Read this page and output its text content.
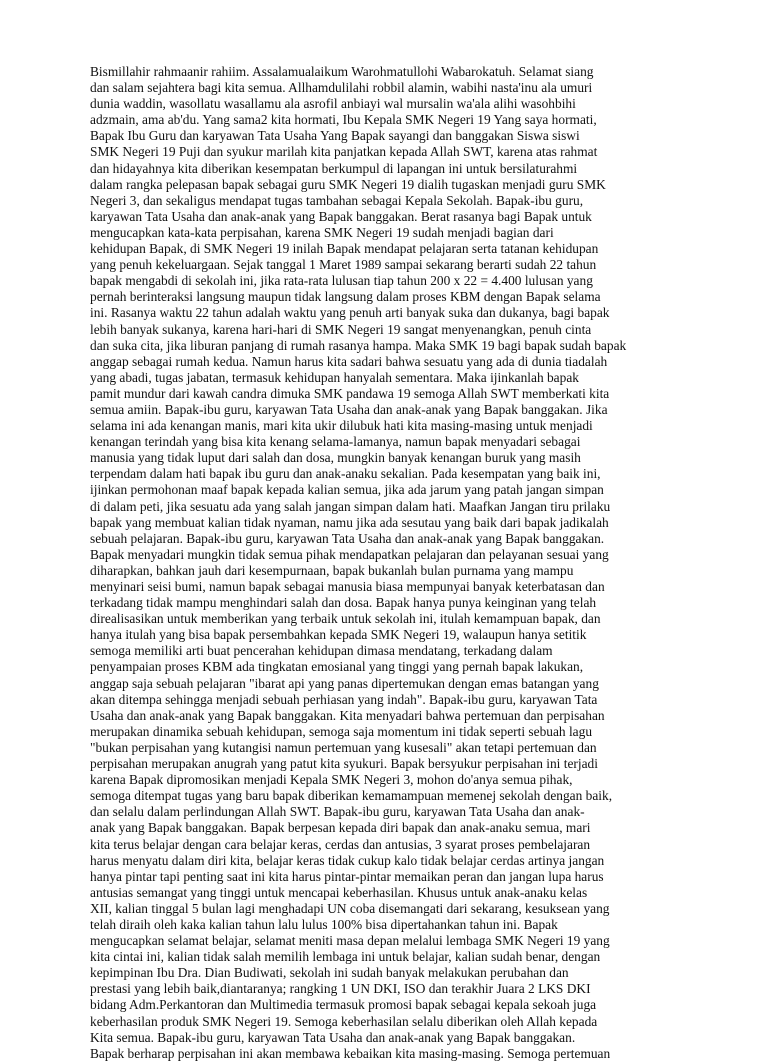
Bismillahir rahmaanir rahiim. Assalamualaikum Warohmatullohi Wabarokatuh. Selamat siang
dan salam sejahtera bagi kita semua. Allhamdulilahi robbil alamin, wabihi nasta'inu ala umuri
dunia waddin, wasollatu wasallamu ala asrofil anbiayi wal mursalin wa'ala alihi wasohbihi
adzmain, ama ab'du. Yang sama2 kita hormati, Ibu Kepala SMK Negeri 19 Yang saya hormati,
Bapak Ibu Guru dan karyawan Tata Usaha Yang Bapak sayangi dan banggakan Siswa siswi
SMK Negeri 19 Puji dan syukur marilah kita panjatkan kepada Allah SWT, karena atas rahmat
dan hidayahnya kita diberikan kesempatan berkumpul di lapangan ini untuk bersilaturahmi
dalam rangka pelepasan bapak sebagai guru SMK Negeri 19 dialih tugaskan menjadi guru SMK
Negeri 3, dan sekaligus mendapat tugas tambahan sebagai Kepala Sekolah. Bapak-ibu guru,
karyawan Tata Usaha dan anak-anak yang Bapak banggakan. Berat rasanya bagi Bapak untuk
mengucapkan kata-kata perpisahan, karena SMK Negeri 19 sudah menjadi bagian dari
kehidupan Bapak, di SMK Negeri 19 inilah Bapak mendapat pelajaran serta tatanan kehidupan
yang penuh kekeluargaan. Sejak tanggal 1 Maret 1989 sampai sekarang berarti sudah 22 tahun
bapak mengabdi di sekolah ini, jika rata-rata lulusan tiap tahun 200 x 22 = 4.400 lulusan yang
pernah berinteraksi langsung maupun tidak langsung dalam proses KBM dengan Bapak selama
ini. Rasanya waktu 22 tahun adalah waktu yang penuh arti banyak suka dan dukanya, bagi bapak
lebih banyak sukanya, karena hari-hari di SMK Negeri 19 sangat menyenangkan, penuh cinta
dan suka cita, jika liburan panjang di rumah rasanya hampa. Maka SMK 19 bagi bapak sudah bapak
anggap sebagai rumah kedua. Namun harus kita sadari bahwa sesuatu yang ada di dunia tiadalah
yang abadi, tugas jabatan, termasuk kehidupan hanyalah sementara. Maka ijinkanlah bapak
pamit mundur dari kawah candra dimuka SMK pandawa 19 semoga Allah SWT memberkati kita
semua amiin. Bapak-ibu guru, karyawan Tata Usaha dan anak-anak yang Bapak banggakan. Jika
selama ini ada kenangan manis, mari kita ukir dilubuk hati kita masing-masing untuk menjadi
kenangan terindah yang bisa kita kenang selama-lamanya, namun bapak menyadari sebagai
manusia yang tidak luput dari salah dan dosa, mungkin banyak kenangan buruk yang masih
terpendam dalam hati bapak ibu guru dan anak-anaku sekalian. Pada kesempatan yang baik ini,
ijinkan permohonan maaf bapak kepada kalian semua, jika ada jarum yang patah jangan simpan
di dalam peti, jika sesuatu ada yang salah jangan simpan dalam hati. Maafkan Jangan tiru prilaku
bapak yang membuat kalian tidak nyaman, namu jika ada sesutau yang baik dari bapak jadikalah
sebuah pelajaran. Bapak-ibu guru, karyawan Tata Usaha dan anak-anak yang Bapak banggakan.
Bapak menyadari mungkin tidak semua pihak mendapatkan pelajaran dan pelayanan sesuai yang
diharapkan, bahkan jauh dari kesempurnaan, bapak bukanlah bulan purnama yang mampu
menyinari seisi bumi, namun bapak sebagai manusia biasa mempunyai banyak keterbatasan dan
terkadang tidak mampu menghindari salah dan dosa. Bapak hanya punya keinginan yang telah
direalisasikan untuk memberikan yang terbaik untuk sekolah ini, itulah kemampuan bapak, dan
hanya itulah yang bisa bapak persembahkan kepada SMK Negeri 19, walaupun hanya setitik
semoga memiliki arti buat pencerahan kehidupan dimasa mendatang, terkadang dalam
penyampaian proses KBM ada tingkatan emosianal yang tinggi yang pernah bapak lakukan,
anggap saja sebuah pelajaran "ibarat api yang panas dipertemukan dengan emas batangan yang
akan ditempa sehingga menjadi sebuah perhiasan yang indah". Bapak-ibu guru, karyawan Tata
Usaha dan anak-anak yang Bapak banggakan. Kita menyadari bahwa pertemuan dan perpisahan
merupakan dinamika sebuah kehidupan, semoga saja momentum ini tidak seperti sebuah lagu
"bukan perpisahan yang kutangisi namun pertemuan yang kusesali" akan tetapi pertemuan dan
perpisahan merupakan anugrah yang patut kita syukuri. Bapak bersyukur perpisahan ini terjadi
karena Bapak dipromosikan menjadi Kepala SMK Negeri 3, mohon do'anya semua pihak,
semoga ditempat tugas yang baru bapak diberikan kemamampuan memenej sekolah dengan baik,
dan selalu dalam perlindungan Allah SWT. Bapak-ibu guru, karyawan Tata Usaha dan anak-
anak yang Bapak banggakan. Bapak berpesan kepada diri bapak dan anak-anaku semua, mari
kita terus belajar dengan cara belajar keras, cerdas dan antusias, 3 syarat proses pembelajaran
harus menyatu dalam diri kita, belajar keras tidak cukup kalo tidak belajar cerdas artinya jangan
hanya pintar tapi penting saat ini kita harus pintar-pintar memaikan peran dan jangan lupa harus
antusias semangat yang tinggi untuk mencapai keberhasilan. Khusus untuk anak-anaku kelas
XII, kalian tinggal 5 bulan lagi menghadapi UN coba disemangati dari sekarang, kesuksean yang
telah diraih oleh kaka kalian tahun lalu lulus 100% bisa dipertahankan tahun ini. Bapak
mengucapkan selamat belajar, selamat meniti masa depan melalui lembaga SMK Negeri 19 yang
kita cintai ini, kalian tidak salah memilih lembaga ini untuk belajar, kalian sudah benar, dengan
kepimpinan Ibu Dra. Dian Budiwati, sekolah ini sudah banyak melakukan perubahan dan
prestasi yang lebih baik,diantaranya; rangking 1 UN DKI, ISO dan terakhir Juara 2 LKS DKI
bidang Adm.Perkantoran dan Multimedia termasuk promosi bapak sebagai kepala sekoah juga
keberhasilan produk SMK Negeri 19. Semoga keberhasilan selalu diberikan oleh Allah kepada
Kita semua. Bapak-ibu guru, karyawan Tata Usaha dan anak-anak yang Bapak banggakan.
Bapak berharap perpisahan ini akan membawa kebaikan kita masing-masing. Semoga pertemuan
